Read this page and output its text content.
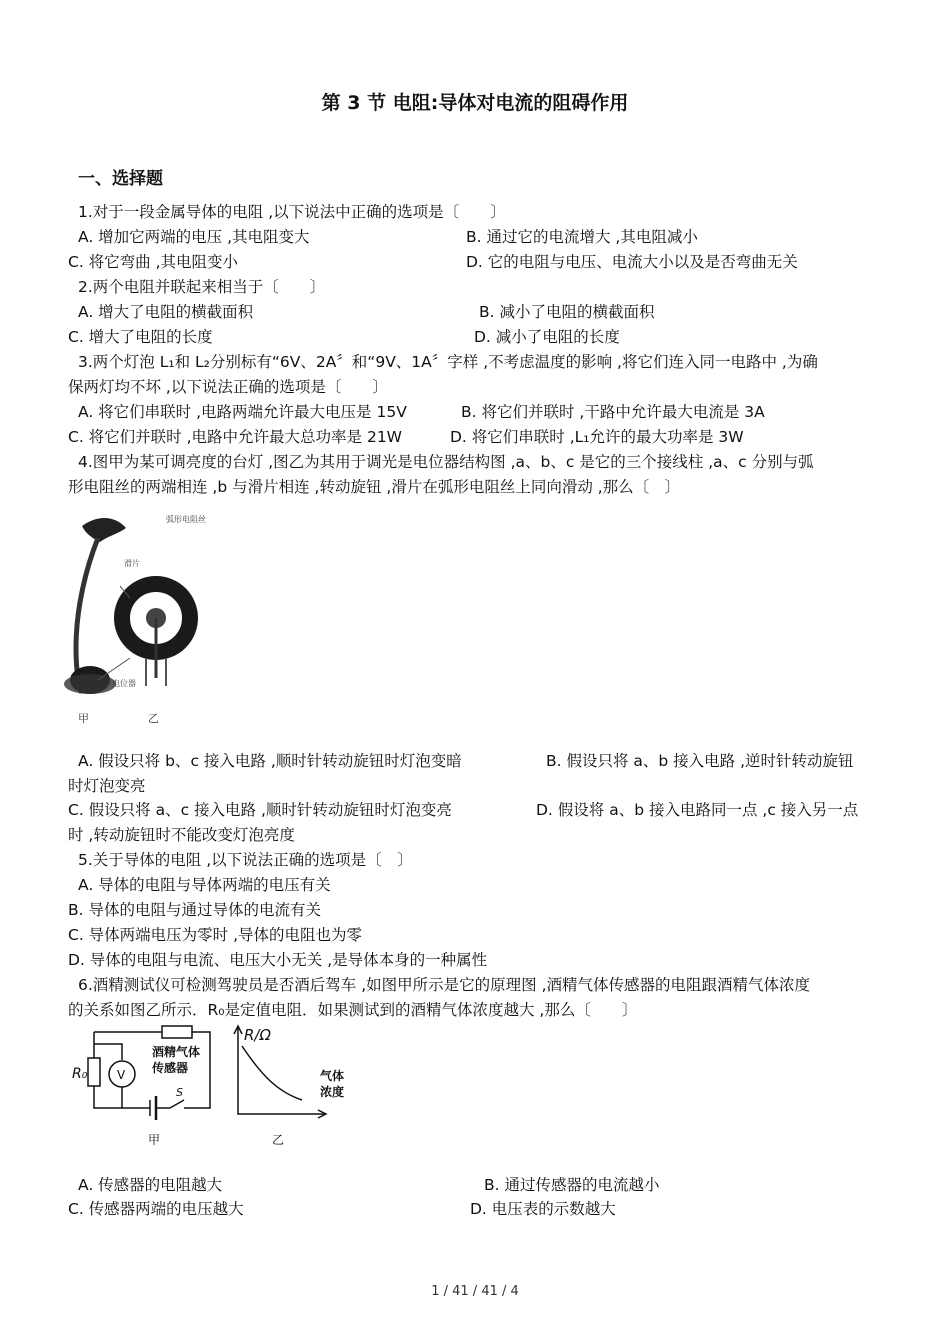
第 3 节 电阻:导体对电流的阻碍作用
一、选择题
1.对于一段金属导体的电阻 ,以下说法中正确的选项是〔　　〕
A. 增加它两端的电压 ,其电阻变大	B. 通过它的电流增大 ,其电阻减小
C. 将它弯曲 ,其电阻变小	D. 它的电阻与电压、电流大小以及是否弯曲无关
2.两个电阻并联起来相当于〔　　〕
A. 增大了电阻的横截面积	B. 减小了电阻的横截面积
C. 增大了电阻的长度	D. 减小了电阻的长度
3.两个灯泡 L₁和 L₂分别标有“6V、2A〞和“9V、1A〞字样 ,不考虑温度的影响 ,将它们连入同一电路中 ,为确
保两灯均不坏 ,以下说法正确的选项是〔　　〕
A. 将它们串联时 ,电路两端允许最大电压是 15V	B. 将它们并联时 ,干路中允许最大电流是 3A
C. 将它们并联时 ,电路中允许最大总功率是 21W	D. 将它们串联时 ,L₁允许的最大功率是 3W
4.图甲为某可调亮度的台灯 ,图乙为其用于调光是电位器结构图 ,a、b、c 是它的三个接线柱 ,a、c 分别与弧
形电阻丝的两端相连 ,b 与滑片相连 ,转动旋钮 ,滑片在弧形电阻丝上同向滑动 ,那么〔　〕
弧形电阻丝
滑片
电位器
甲	乙
A. 假设只将 b、c 接入电路 ,顺时针转动旋钮时灯泡变暗	B. 假设只将 a、b 接入电路 ,逆时针转动旋钮
时灯泡变亮
C. 假设只将 a、c 接入电路 ,顺时针转动旋钮时灯泡变亮	D. 假设将 a、b 接入电路同一点 ,c 接入另一点
时 ,转动旋钮时不能改变灯泡亮度
5.关于导体的电阻 ,以下说法正确的选项是〔　〕
A. 导体的电阻与导体两端的电压有关
B. 导体的电阻与通过导体的电流有关
C. 导体两端电压为零时 ,导体的电阻也为零
D. 导体的电阻与电流、电压大小无关 ,是导体本身的一种属性
6.酒精测试仪可检测驾驶员是否酒后驾车 ,如图甲所示是它的原理图 ,酒精气体传感器的电阻跟酒精气体浓度
的关系如图乙所示．R₀是定值电阻．如果测试到的酒精气体浓度越大 ,那么〔　　〕
R₀ V
酒精气体
传感器
S
甲
R/Ω
气体
浓度
乙
A. 传感器的电阻越大	B. 通过传感器的电流越小
C. 传感器两端的电压越大	D. 电压表的示数越大
1 / 41 / 41 / 4
